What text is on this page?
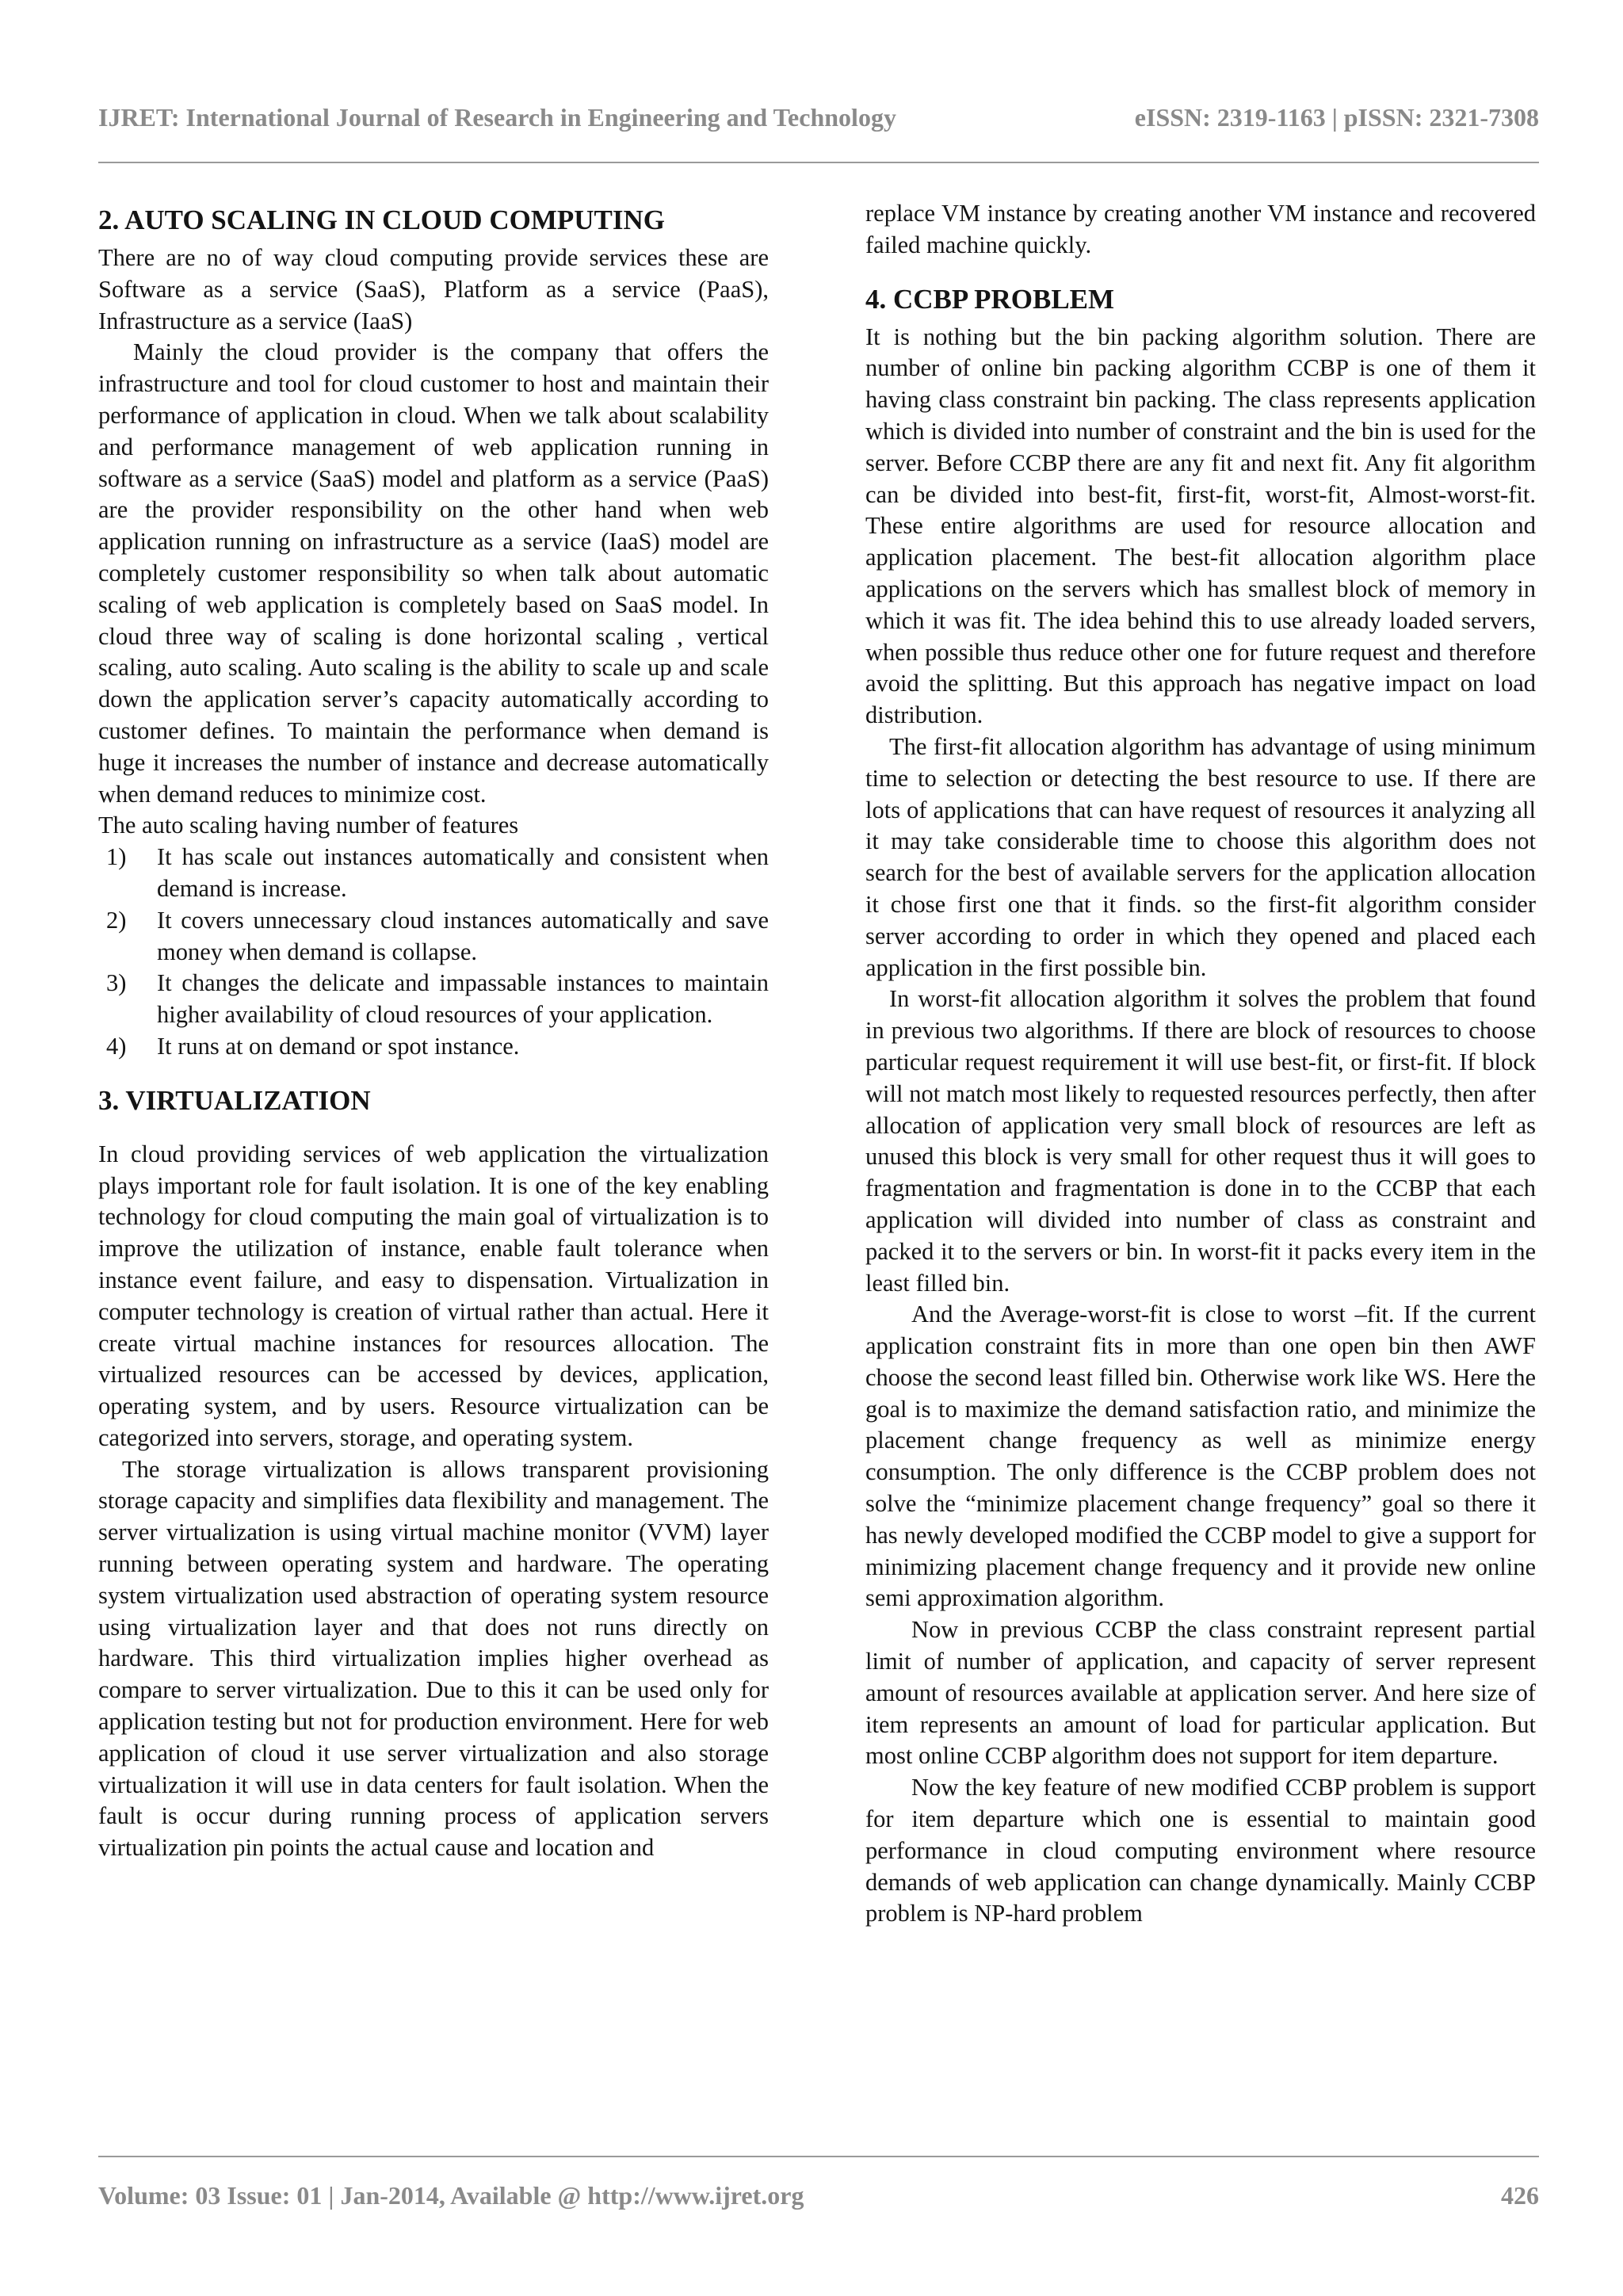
IJRET: International Journal of Research in Engineering and Technology	eISSN: 2319-1163 | pISSN: 2321-7308
2. AUTO SCALING IN CLOUD COMPUTING

There are no of way cloud computing provide services these are Software as a service (SaaS), Platform as a service (PaaS), Infrastructure as a service (IaaS)

Mainly the cloud provider is the company that offers the infrastructure and tool for cloud customer to host and maintain their performance of application in cloud. When we talk about scalability and performance management of web application running in software as a service (SaaS) model and platform as a service (PaaS) are the provider responsibility on the other hand when web application running on infrastructure as a service (IaaS) model are completely customer responsibility so when talk about automatic scaling of web application is completely based on SaaS model. In cloud three way of scaling is done horizontal scaling , vertical scaling, auto scaling. Auto scaling is the ability to scale up and scale down the application server’s capacity automatically according to customer defines. To maintain the performance when demand is huge it increases the number of instance and decrease automatically when demand reduces to minimize cost.

The auto scaling having number of features

1) It has scale out instances automatically and consistent when demand is increase.
2) It covers unnecessary cloud instances automatically and save money when demand is collapse.
3) It changes the delicate and impassable instances to maintain higher availability of cloud resources of your application.
4) It runs at on demand or spot instance.
3. VIRTUALIZATION

In cloud providing services of web application the virtualization plays important role for fault isolation. It is one of the key enabling technology for cloud computing the main goal of virtualization is to improve the utilization of instance, enable fault tolerance when instance event failure, and easy to dispensation. Virtualization in computer technology is creation of virtual rather than actual. Here it create virtual machine instances for resources allocation. The virtualized resources can be accessed by devices, application, operating system, and by users. Resource virtualization can be categorized into servers, storage, and operating system.

The storage virtualization is allows transparent provisioning storage capacity and simplifies data flexibility and management. The server virtualization is using virtual machine monitor (VVM) layer running between operating system and hardware. The operating system virtualization used abstraction of operating system resource using virtualization layer and that does not runs directly on hardware. This third virtualization implies higher overhead as compare to server virtualization. Due to this it can be used only for application testing but not for production environment. Here for web application of cloud it use server virtualization and also storage virtualization it will use in data centers for fault isolation. When the fault is occur during running process of application servers virtualization pin points the actual cause and location and

replace VM instance by creating another VM instance and recovered failed machine quickly.

4. CCBP PROBLEM

It is nothing but the bin packing algorithm solution. There are number of online bin packing algorithm CCBP is one of them it having class constraint bin packing. The class represents application which is divided into number of constraint and the bin is used for the server. Before CCBP there are any fit and next fit. Any fit algorithm can be divided into best-fit, first-fit, worst-fit, Almost-worst-fit. These entire algorithms are used for resource allocation and application placement. The best-fit allocation algorithm place applications on the servers which has smallest block of memory in which it was fit. The idea behind this to use already loaded servers, when possible thus reduce other one for future request and therefore avoid the splitting. But this approach has negative impact on load distribution.

The first-fit allocation algorithm has advantage of using minimum time to selection or detecting the best resource to use. If there are lots of applications that can have request of resources it analyzing all it may take considerable time to choose this algorithm does not search for the best of available servers for the application allocation it chose first one that it finds. so the first-fit algorithm consider server according to order in which they opened and placed each application in the first possible bin.

In worst-fit allocation algorithm it solves the problem that found in previous two algorithms. If there are block of resources to choose particular request requirement it will use best-fit, or first-fit. If block will not match most likely to requested resources perfectly, then after allocation of application very small block of resources are left as unused this block is very small for other request thus it will goes to fragmentation and fragmentation is done in to the CCBP that each application will divided into number of class as constraint and packed it to the servers or bin. In worst-fit it packs every item in the least filled bin.

And the Average-worst-fit is close to worst –fit. If the current application constraint fits in more than one open bin then AWF choose the second least filled bin. Otherwise work like WS. Here the goal is to maximize the demand satisfaction ratio, and minimize the placement change frequency as well as minimize energy consumption. The only difference is the CCBP problem does not solve the “minimize placement change frequency” goal so there it has newly developed modified the CCBP model to give a support for minimizing placement change frequency and it provide new online semi approximation algorithm.

Now in previous CCBP the class constraint represent partial limit of number of application, and capacity of server represent amount of resources available at application server. And here size of item represents an amount of load for particular application. But most online CCBP algorithm does not support for item departure.

Now the key feature of new modified CCBP problem is support for item departure which one is essential to maintain good performance in cloud computing environment where resource demands of web application can change dynamically. Mainly CCBP problem is NP-hard problem

Volume: 03 Issue: 01 | Jan-2014, Available @ http://www.ijret.org	426
